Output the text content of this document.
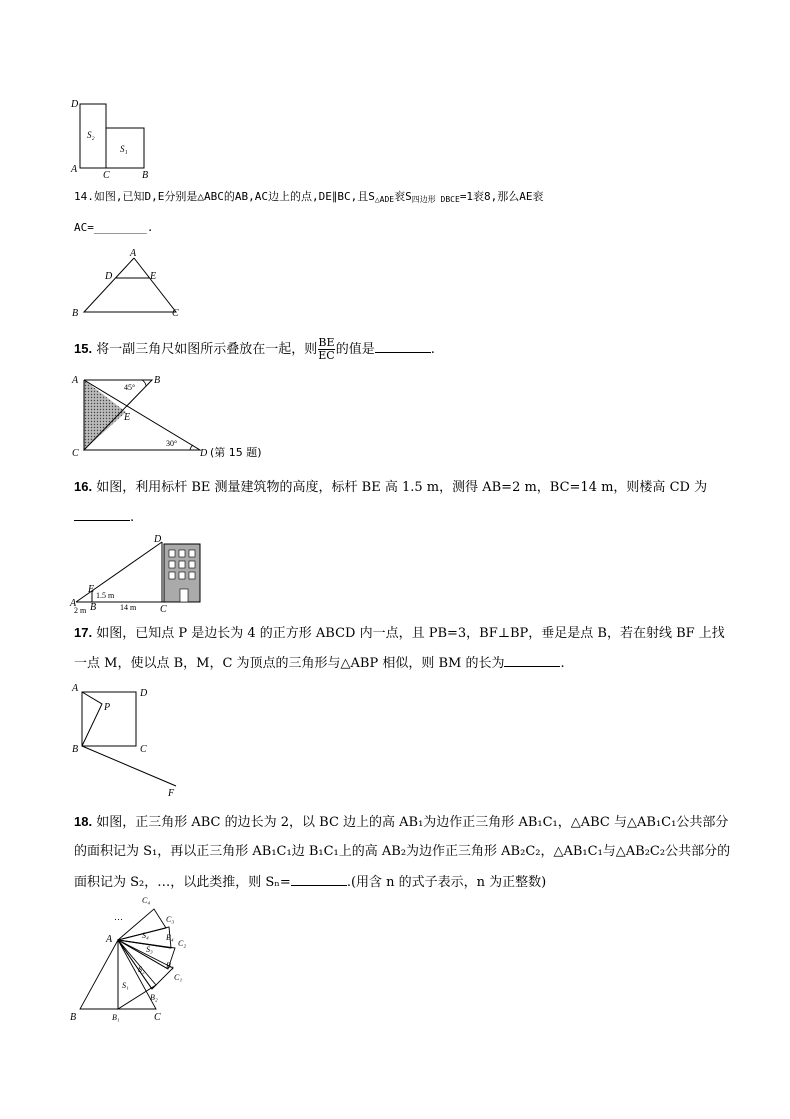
D
S₂
S₁
A
C	B
14.如图,已知D,E分别是△ABC的AB,AC边上的点,DE∥BC,且$S_{\triangle ADE}$衮$S_{四边形 DBCE}=1$衮8,那么AE衮
AC=________.
A
D	E
B	C
15. 将一副三角尺如图所示叠放在一起，则 $\frac{BE}{EC}$ 的值是	.
A	B
45°
E
C
30°
D (第 15 题)
16. 如图，利用标杆 BE 测量建筑物的高度，标杆 BE 高 1.5 m，测得 AB=2 m，BC=14 m，则楼高 CD 为
.
D
E
A B	C
1.5 m
2 m	14 m
17. 如图，已知点 P 是边长为 4 的正方形 ABCD 内一点，且 PB=3，BF⊥BP，垂足是点 B，若在射线 BF 上找
一点 M，使以点 B，M，C 为顶点的三角形与△ABP 相似，则 BM 的长为	.
A	D
P
B	C
F
18. 如图，正三角形 ABC 的边长为 2，以 BC 边上的高 AB₁为边作正三角形 AB₁C₁，△ABC 与△AB₁C₁公共部分
的面积记为 S₁，再以正三角形 AB₁C₁边 B₁C₁上的高 AB₂为边作正三角形 AB₂C₂，△AB₁C₁与△AB₂C₂公共部分的
面积记为 S₂，…，以此类推，则 Sₙ=	.(用含 n 的式子表示，n 为正整数)
C₄
…	C₃
S₄ B₄
C₂
A
S₃
B₃
S₂
C₁
B₂
S₁
B	B₁	C
